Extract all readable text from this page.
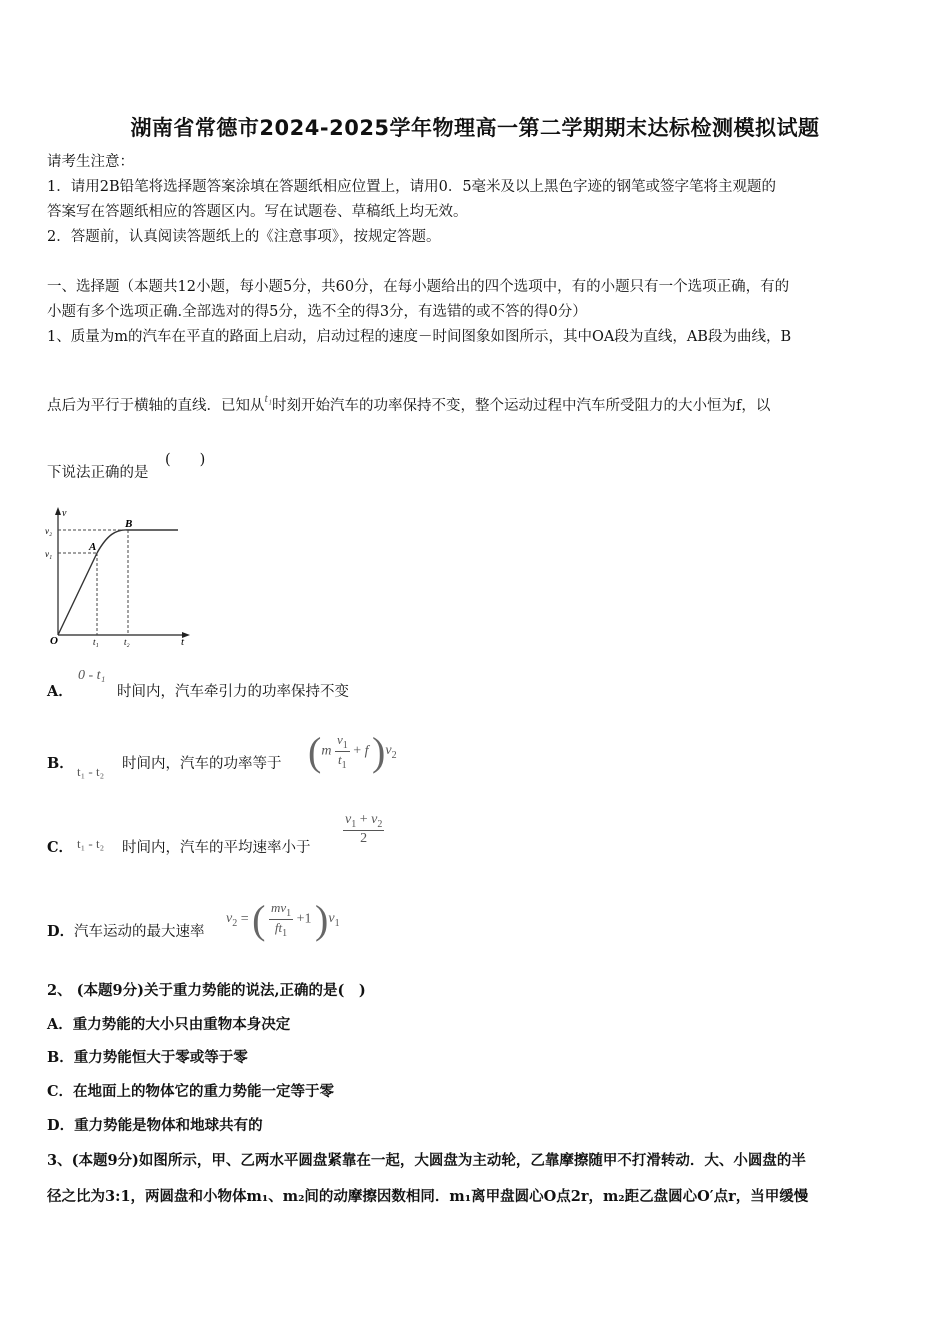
湖南省常德市2024-2025学年物理高一第二学期期末达标检测模拟试题
请考生注意：
1．请用2B铅笔将选择题答案涂填在答题纸相应位置上，请用0．5毫米及以上黑色字迹的钢笔或签字笔将主观题的
答案写在答题纸相应的答题区内。写在试题卷、草稿纸上均无效。
2．答题前，认真阅读答题纸上的《注意事项》，按规定答题。
一、选择题（本题共12小题，每小题5分，共60分，在每小题给出的四个选项中，有的小题只有一个选项正确，有的
小题有多个选项正确.全部选对的得5分，选不全的得3分，有选错的或不答的得0分）
1、质量为m的汽车在平直的路面上启动，启动过程的速度－时间图象如图所示，其中OA段为直线，AB段为曲线，B
点后为平行于横轴的直线．已知从$^{t_1}$时刻开始汽车的功率保持不变，整个运动过程中汽车所受阻力的大小恒为f，以
下说法正确的是
(　　)
v
t
O
A
B
v₁
v₂
t₁	t₂
A．
0 - t₁
时间内，汽车牵引力的功率保持不变
B． t₁ - t₂ 时间内，汽车的功率等于 ($m \frac{v_1}{t_1} + f$ )$v_2$
C． t₁ - t₂ 时间内，汽车的平均速率小于
$\frac{v_1 + v_2}{2}$
D． 汽车运动的最大速率
$v_2$ = ( $\frac{mv_1}{ft_1} +1$ )$v_1$
2、 (本题9分)关于重力势能的说法,正确的是(　)
A．重力势能的大小只由重物本身决定
B．重力势能恒大于零或等于零
C．在地面上的物体它的重力势能一定等于零
D．重力势能是物体和地球共有的
3、(本题9分)如图所示，甲、乙两水平圆盘紧靠在一起，大圆盘为主动轮，乙靠摩擦随甲不打滑转动．大、小圆盘的半
径之比为3:1，两圆盘和小物体m₁、m₂间的动摩擦因数相同．m₁离甲盘圆心O点2r，m₂距乙盘圆心O′点r，当甲缓慢
